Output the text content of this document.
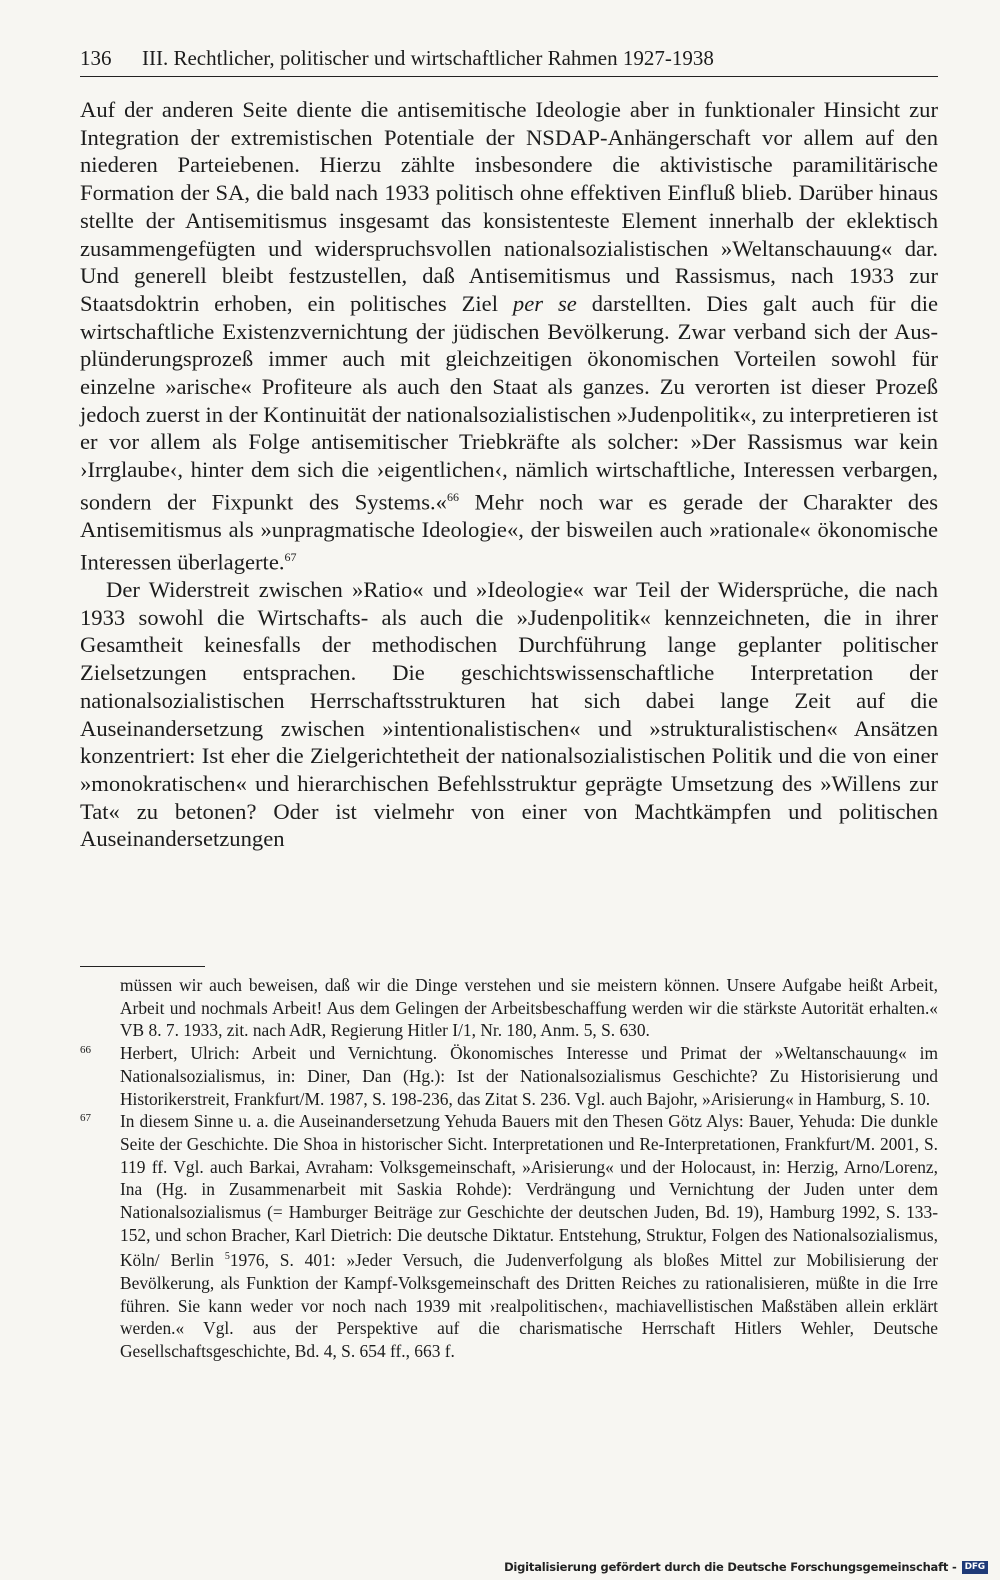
136 III. Rechtlicher, politischer und wirtschaftlicher Rahmen 1927-1938

Auf der anderen Seite diente die antisemitische Ideologie aber in funktionaler Hinsicht zur Integration der extremistischen Potentiale der NSDAP-Anhängerschaft vor allem auf den niederen Parteiebenen. Hierzu zählte insbesondere die aktivistische paramilitärische Formation der SA, die bald nach 1933 politisch ohne effektiven Einfluß blieb. Darüber hinaus stellte der Antisemitismus insgesamt das konsistenteste Element innerhalb der eklektisch zusammengefügten und widerspruchsvollen nationalsozialistischen »Weltanschauung« dar. Und generell bleibt festzustellen, daß Antisemitismus und Rassismus, nach 1933 zur Staatsdoktrin erhoben, ein politisches Ziel per se darstellten. Dies galt auch für die wirtschaftliche Existenzvernichtung der jüdischen Bevölkerung. Zwar verband sich der Ausplünderungsprozeß immer auch mit gleichzeitigen ökonomischen Vorteilen sowohl für einzelne »arische« Profiteure als auch den Staat als ganzes. Zu verorten ist dieser Prozeß jedoch zuerst in der Kontinuität der nationalsozialistischen »Judenpolitik«, zu interpretieren ist er vor allem als Folge antisemitischer Triebkräfte als solcher: »Der Rassismus war kein ›Irrglaube‹, hinter dem sich die ›eigentlichen‹, nämlich wirtschaftliche, Interessen verbargen, sondern der Fixpunkt des Systems.«$^{66}$ Mehr noch war es gerade der Charakter des Antisemitismus als »unpragmatische Ideologie«, der bisweilen auch »rationale« ökonomische Interessen überlagerte.$^{67}$

Der Widerstreit zwischen »Ratio« und »Ideologie« war Teil der Widersprüche, die nach 1933 sowohl die Wirtschafts- als auch die »Judenpolitik« kennzeichneten, die in ihrer Gesamtheit keinesfalls der methodischen Durchführung lange geplanter politischer Zielsetzungen entsprachen. Die geschichtswissenschaftliche Interpretation der nationalsozialistischen Herrschaftsstrukturen hat sich dabei lange Zeit auf die Auseinandersetzung zwischen »intentionalistischen« und »strukturalistischen« Ansätzen konzentriert: Ist eher die Zielgerichtetheit der nationalsozialistischen Politik und die von einer »monokratischen« und hierarchischen Befehlsstruktur geprägte Umsetzung des »Willens zur Tat« zu betonen? Oder ist vielmehr von einer von Machtkämpfen und politischen Auseinandersetzungen

müssen wir auch beweisen, daß wir die Dinge verstehen und sie meistern können. Unsere Aufgabe heißt Arbeit, Arbeit und nochmals Arbeit! Aus dem Gelingen der Arbeitsbeschaffung werden wir die stärkste Autorität erhalten.« VB 8. 7. 1933, zit. nach AdR, Regierung Hitler I/1, Nr. 180, Anm. 5, S. 630.

66 Herbert, Ulrich: Arbeit und Vernichtung. Ökonomisches Interesse und Primat der »Weltanschauung« im Nationalsozialismus, in: Diner, Dan (Hg.): Ist der Nationalsozialismus Geschichte? Zu Historisierung und Historikerstreit, Frankfurt/M. 1987, S. 198-236, das Zitat S. 236. Vgl. auch Bajohr, »Arisierung« in Hamburg, S. 10.

67 In diesem Sinne u. a. die Auseinandersetzung Yehuda Bauers mit den Thesen Götz Alys: Bauer, Yehuda: Die dunkle Seite der Geschichte. Die Shoa in historischer Sicht. Interpretationen und Re-Interpretationen, Frankfurt/M. 2001, S. 119 ff. Vgl. auch Barkai, Avraham: Volksgemeinschaft, »Arisierung« und der Holocaust, in: Herzig, Arno/Lorenz, Ina (Hg. in Zusammenarbeit mit Saskia Rohde): Verdrängung und Vernichtung der Juden unter dem Nationalsozialismus (= Hamburger Beiträge zur Geschichte der deutschen Juden, Bd. 19), Hamburg 1992, S. 133-152, und schon Bracher, Karl Dietrich: Die deutsche Diktatur. Entstehung, Struktur, Folgen des Nationalsozialismus, Köln/ Berlin $^5$1976, S. 401: »Jeder Versuch, die Judenverfolgung als bloßes Mittel zur Mobilisierung der Bevölkerung, als Funktion der Kampf-Volksgemeinschaft des Dritten Reiches zu rationalisieren, müßte in die Irre führen. Sie kann weder vor noch nach 1939 mit ›realpolitischen‹, machiavellistischen Maßstäben allein erklärt werden.« Vgl. aus der Perspektive auf die charismatische Herrschaft Hitlers Wehler, Deutsche Gesellschaftsgeschichte, Bd. 4, S. 654 ff., 663 f.

Digitalisierung gefördert durch die Deutsche Forschungsgemeinschaft - DFG
